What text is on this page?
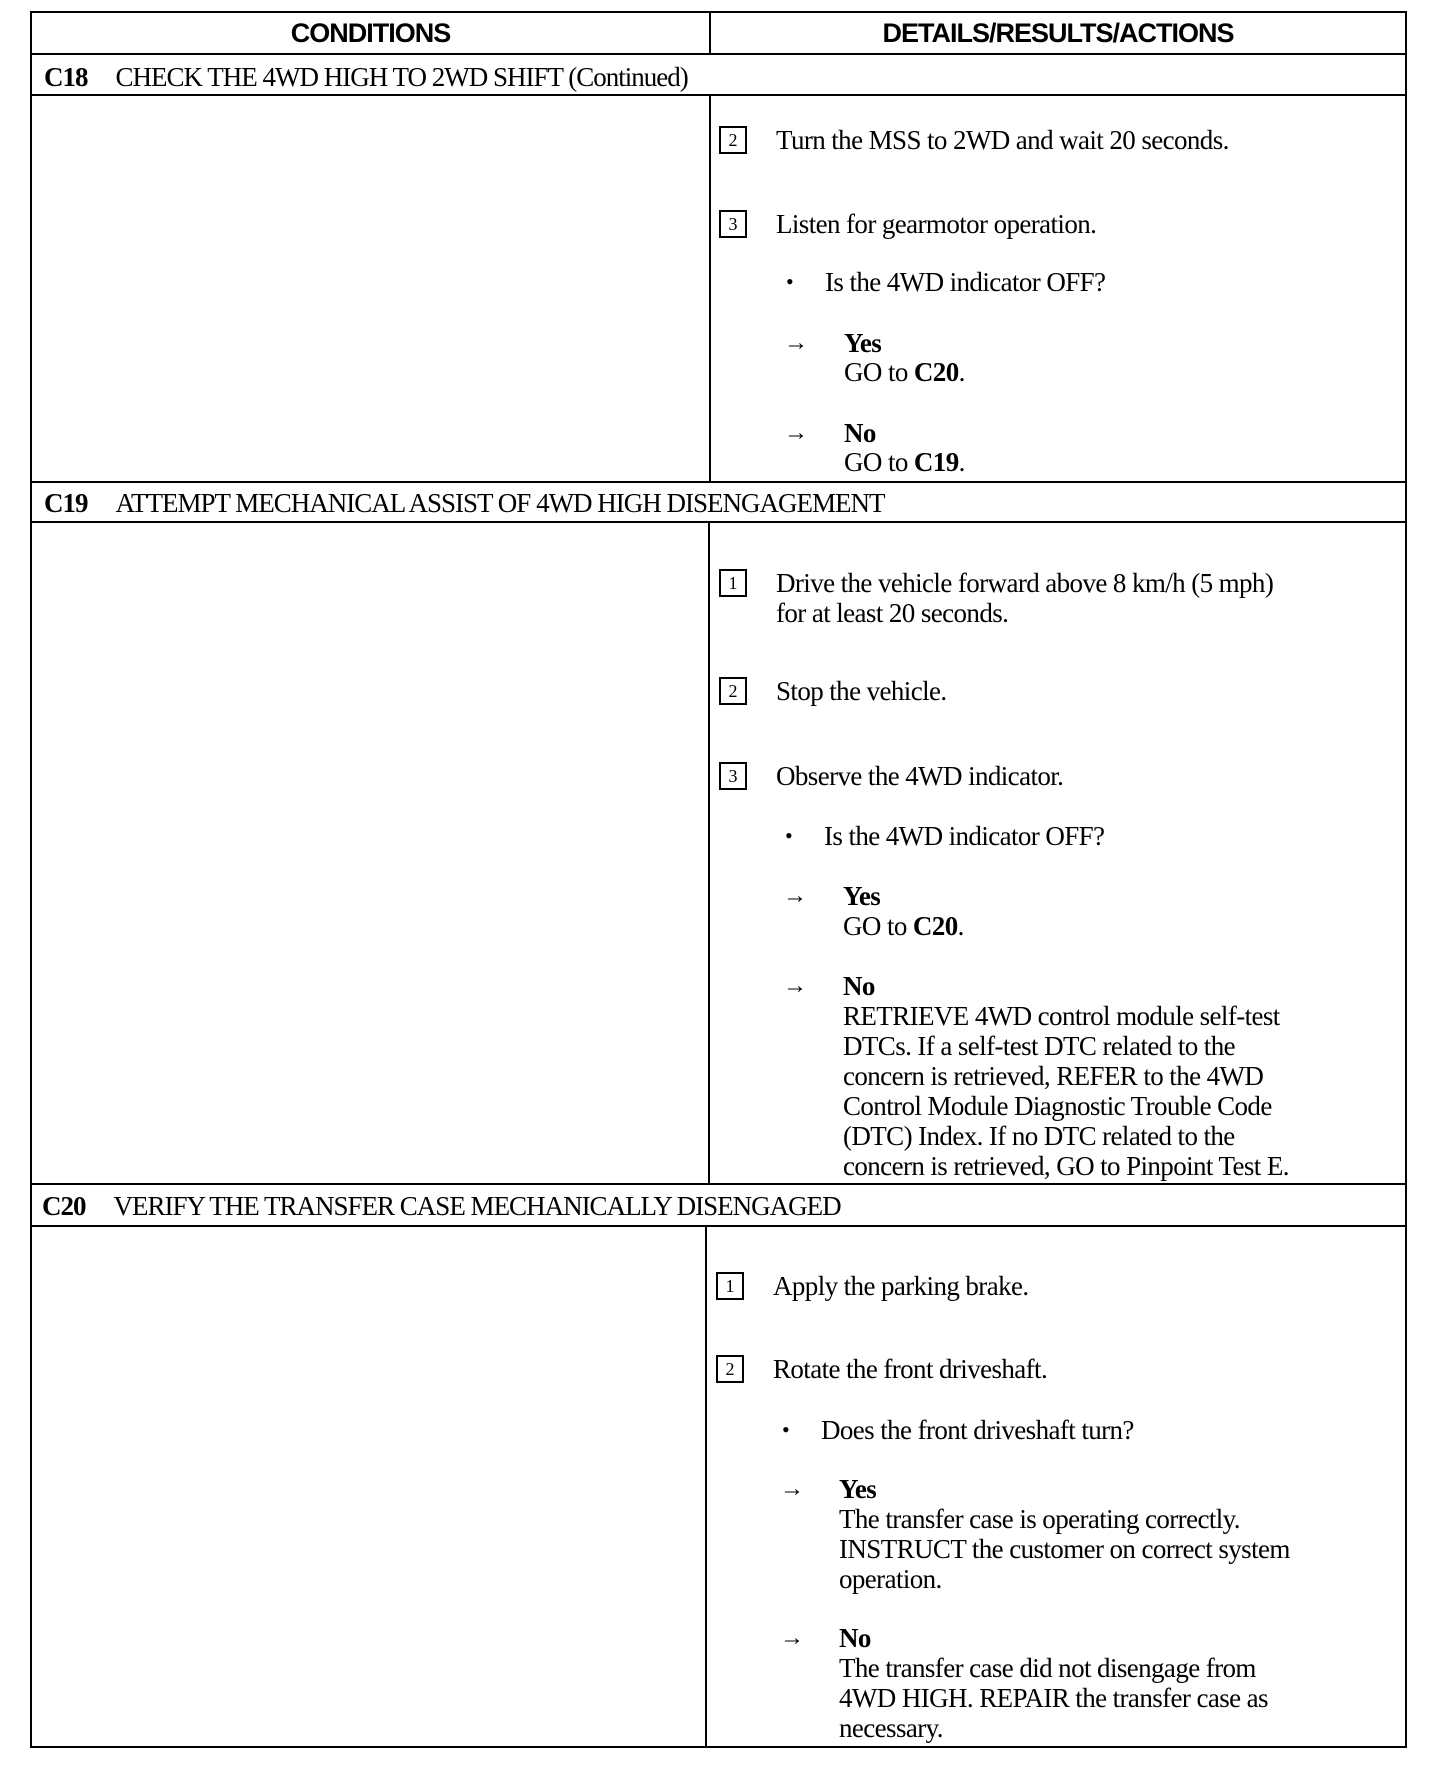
CONDITIONS	DETAILS/RESULTS/ACTIONS
C18 CHECK THE 4WD HIGH TO 2WD SHIFT (Continued)
2	Turn the MSS to 2WD and wait 20 seconds.
3	Listen for gearmotor operation.
• Is the 4WD indicator OFF?
→ Yes
GO to C20.
→ No
GO to C19.
C19 ATTEMPT MECHANICAL ASSIST OF 4WD HIGH DISENGAGEMENT
1	Drive the vehicle forward above 8 km/h (5 mph)
for at least 20 seconds.
2	Stop the vehicle.
3	Observe the 4WD indicator.
• Is the 4WD indicator OFF?
→ Yes
GO to C20.
→ No
RETRIEVE 4WD control module self-test
DTCs. If a self-test DTC related to the
concern is retrieved, REFER to the 4WD
Control Module Diagnostic Trouble Code
(DTC) Index. If no DTC related to the
concern is retrieved, GO to Pinpoint Test E.
C20 VERIFY THE TRANSFER CASE MECHANICALLY DISENGAGED
1	Apply the parking brake.
2	Rotate the front driveshaft.
• Does the front driveshaft turn?
→ Yes
The transfer case is operating correctly.
INSTRUCT the customer on correct system
operation.
→ No
The transfer case did not disengage from
4WD HIGH. REPAIR the transfer case as
necessary.
